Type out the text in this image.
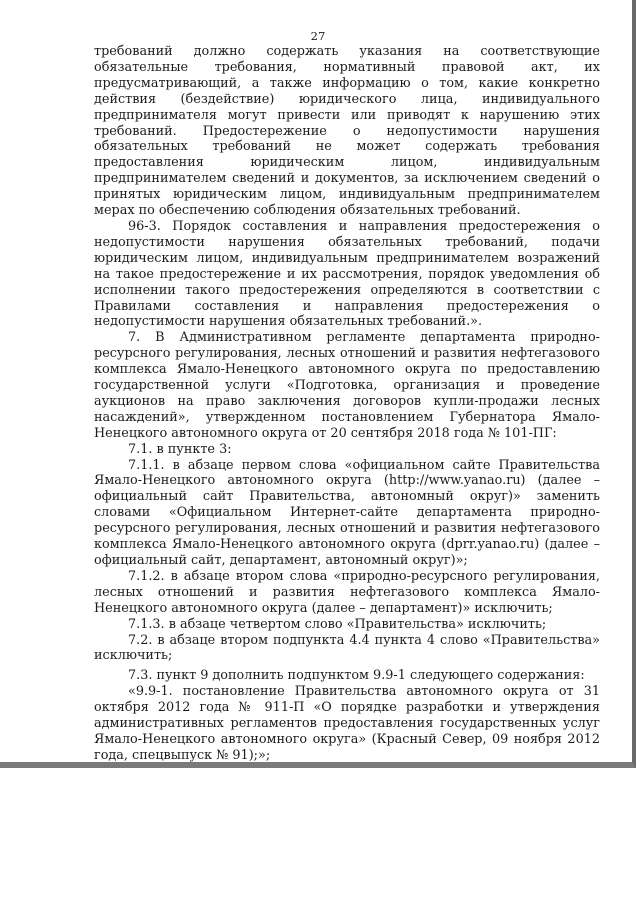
27

требований должно содержать указания на соответствующие обязательные требования, нормативный правовой акт, их предусматривающий, а также информацию о том, какие конкретно действия (бездействие) юридического лица, индивидуального предпринимателя могут привести или приводят к нарушению этих требований. Предостережение о недопустимости нарушения обязательных требований не может содержать требования предоставления юридическим лицом, индивидуальным предпринимателем сведений и документов, за исключением сведений о принятых юридическим лицом, индивидуальным предпринимателем мерах по обеспечению соблюдения обязательных требований.

96-3. Порядок составления и направления предостережения о недопустимости нарушения обязательных требований, подачи юридическим лицом, индивидуальным предпринимателем возражений на такое предостережение и их рассмотрения, порядок уведомления об исполнении такого предостережения определяются в соответствии с Правилами составления и направления предостережения о недопустимости нарушения обязательных требований.».

7. В Административном регламенте департамента природно-ресурсного регулирования, лесных отношений и развития нефтегазового комплекса Ямало-Ненецкого автономного округа по предоставлению государственной услуги «Подготовка, организация и проведение аукционов на право заключения договоров купли-продажи лесных насаждений», утвержденном постановлением Губернатора Ямало-Ненецкого автономного округа от 20 сентября 2018 года № 101-ПГ:

7.1. в пункте 3:

7.1.1. в абзаце первом слова «официальном сайте Правительства Ямало-Ненецкого автономного округа (http://www.yanao.ru) (далее – официальный сайт Правительства, автономный округ)» заменить словами «Официальном Интернет-сайте департамента природно-ресурсного регулирования, лесных отношений и развития нефтегазового комплекса Ямало-Ненецкого автономного округа (dprr.yanao.ru) (далее – официальный сайт, департамент, автономный округ)»;

7.1.2. в абзаце втором слова «природно-ресурсного регулирования, лесных отношений и развития нефтегазового комплекса Ямало-Ненецкого автономного округа (далее – департамент)» исключить;

7.1.3. в абзаце четвертом слово «Правительства» исключить;

7.2. в абзаце втором подпункта 4.4 пункта 4 слово «Правительства» исключить;

7.3. пункт 9 дополнить подпунктом 9.9-1 следующего содержания:

«9.9-1. постановление Правительства автономного округа от 31 октября 2012 года № 911-П «О порядке разработки и утверждения административных регламентов предоставления государственных услуг Ямало-Ненецкого автономного округа» (Красный Север, 09 ноября 2012 года, спецвыпуск № 91);»;
